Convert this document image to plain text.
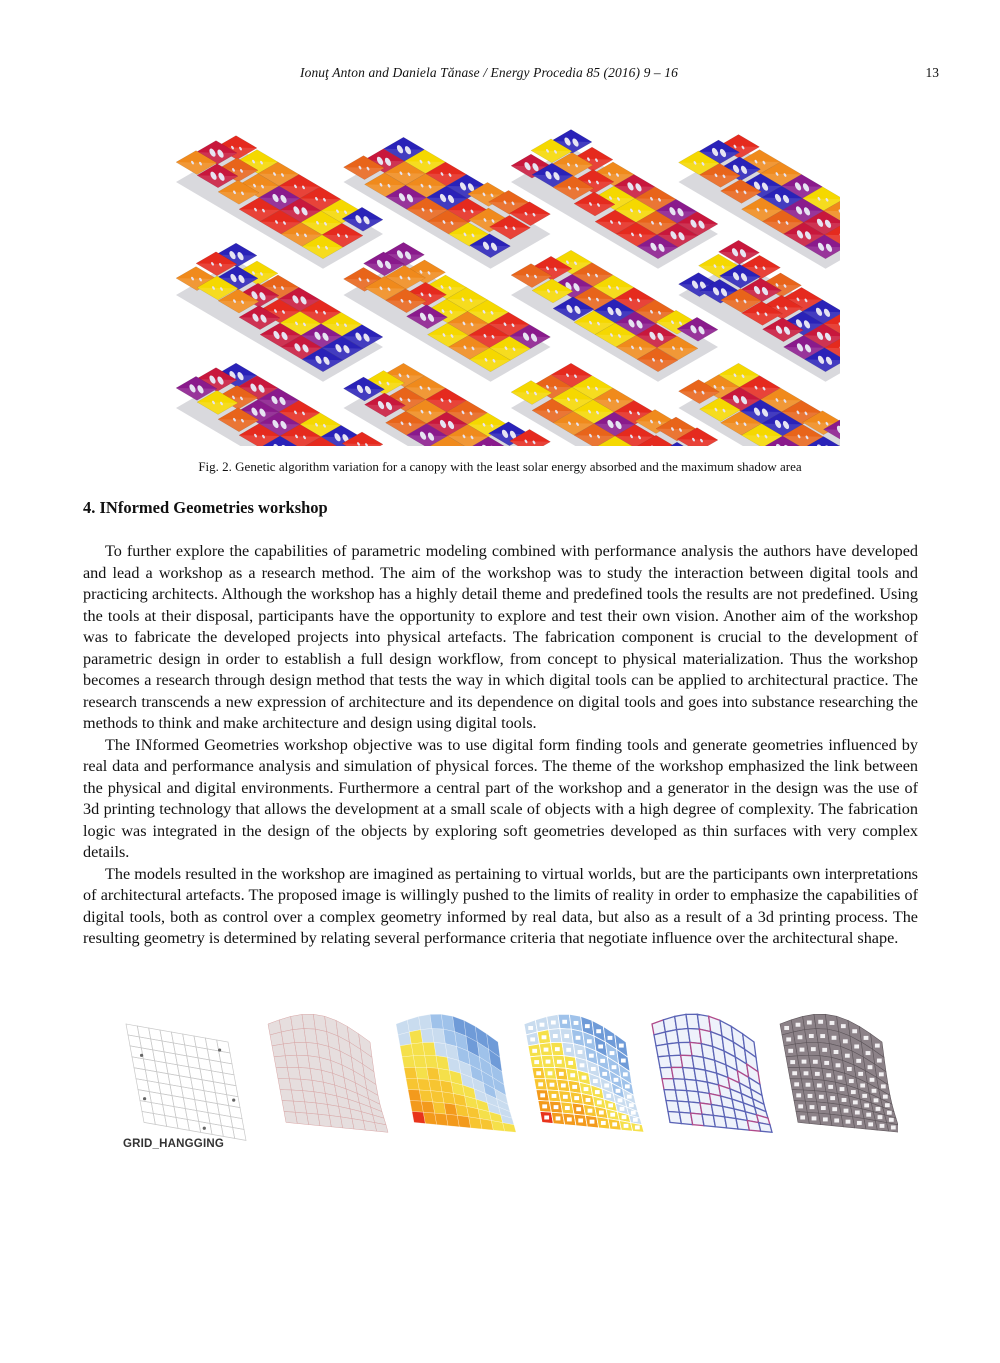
Ionuţ Anton and Daniela Tănase / Energy Procedia 85 (2016) 9 – 16	13
Fig. 2. Genetic algorithm variation for a canopy with the least solar energy absorbed and the maximum shadow area
4. INformed Geometries workshop

To further explore the capabilities of parametric modeling combined with performance analysis the authors have developed and lead a workshop as a research method. The aim of the workshop was to study the interaction between digital tools and practicing architects. Although the workshop has a highly detail theme and predefined tools the results are not predefined. Using the tools at their disposal, participants have the opportunity to explore and test their own vision. Another aim of the workshop was to fabricate the developed projects into physical artefacts. The fabrication component is crucial to the development of parametric design in order to establish a full design workflow, from concept to physical materialization. Thus the workshop becomes a research through design method that tests the way in which digital tools can be applied to architectural practice. The research transcends a new expression of architecture and its dependence on digital tools and goes into substance researching the methods to think and make architecture and design using digital tools.

The INformed Geometries workshop objective was to use digital form finding tools and generate geometries influenced by real data and performance analysis and simulation of physical forces. The theme of the workshop emphasized the link between the physical and digital environments. Furthermore a central part of the workshop and a generator in the design was the use of 3d printing technology that allows the development at a small scale of objects with a high degree of complexity. The fabrication logic was integrated in the design of the objects by exploring soft geometries developed as thin surfaces with very complex details.

The models resulted in the workshop are imagined as pertaining to virtual worlds, but are the participants own interpretations of architectural artefacts. The proposed image is willingly pushed to the limits of reality in order to emphasize the capabilities of digital tools, both as control over a complex geometry informed by real data, but also as a result of a 3d printing process. The resulting geometry is determined by relating several performance criteria that negotiate influence over the architectural shape.

GRID_HANGGING
